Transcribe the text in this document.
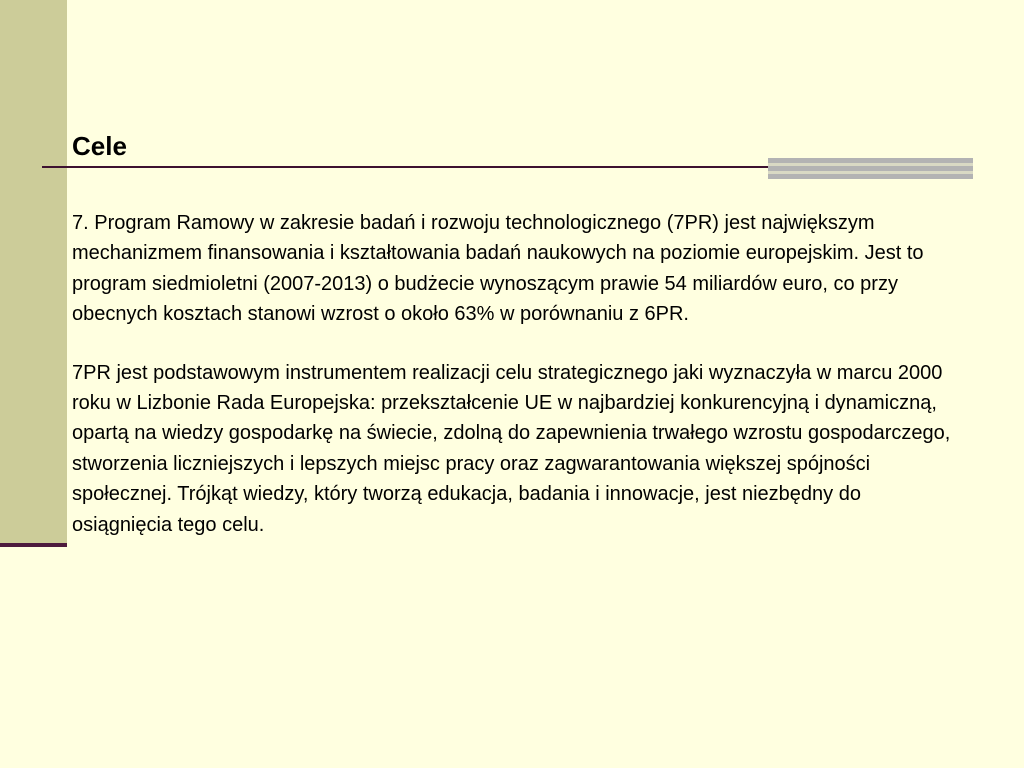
Cele

7. Program Ramowy w zakresie badań i rozwoju technologicznego (7PR) jest największym mechanizmem finansowania i kształtowania badań naukowych na poziomie europejskim. Jest to program siedmioletni (2007-2013) o budżecie wynoszącym prawie 54 miliardów euro, co przy obecnych kosztach stanowi wzrost o około 63% w porównaniu z 6PR.

7PR jest podstawowym instrumentem realizacji celu strategicznego jaki wyznaczyła w marcu 2000 roku w Lizbonie Rada Europejska: przekształcenie UE w najbardziej konkurencyjną i dynamiczną, opartą na wiedzy gospodarkę na świecie, zdolną do zapewnienia trwałego wzrostu gospodarczego, stworzenia liczniejszych i lepszych miejsc pracy oraz zagwarantowania większej spójności społecznej. Trójkąt wiedzy, który tworzą edukacja, badania i innowacje, jest niezbędny do osiągnięcia tego celu.
